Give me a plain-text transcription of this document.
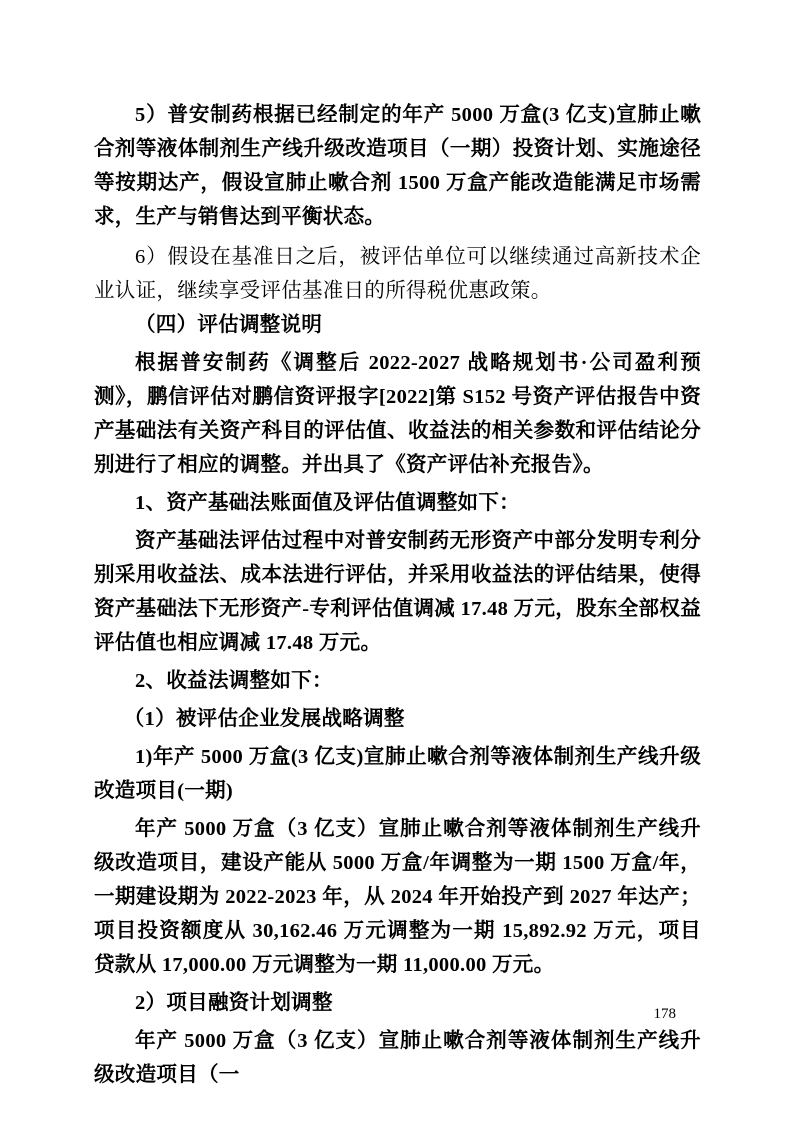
5）普安制药根据已经制定的年产 5000 万盒(3 亿支)宣肺止嗽合剂等液体制剂生产线升级改造项目（一期）投资计划、实施途径等按期达产，假设宣肺止嗽合剂 1500 万盒产能改造能满足市场需求，生产与销售达到平衡状态。

6）假设在基准日之后，被评估单位可以继续通过高新技术企业认证，继续享受评估基准日的所得税优惠政策。

（四）评估调整说明

根据普安制药《调整后 2022-2027 战略规划书·公司盈利预测》，鹏信评估对鹏信资评报字[2022]第 S152 号资产评估报告中资产基础法有关资产科目的评估值、收益法的相关参数和评估结论分别进行了相应的调整。并出具了《资产评估补充报告》。

1、资产基础法账面值及评估值调整如下：

资产基础法评估过程中对普安制药无形资产中部分发明专利分别采用收益法、成本法进行评估，并采用收益法的评估结果，使得资产基础法下无形资产-专利评估值调减 17.48 万元，股东全部权益评估值也相应调减 17.48 万元。

2、收益法调整如下：

（1）被评估企业发展战略调整

1)年产 5000 万盒(3 亿支)宣肺止嗽合剂等液体制剂生产线升级改造项目(一期)

年产 5000 万盒（3 亿支）宣肺止嗽合剂等液体制剂生产线升级改造项目，建设产能从 5000 万盒/年调整为一期 1500 万盒/年，一期建设期为 2022-2023 年，从 2024 年开始投产到 2027 年达产；项目投资额度从 30,162.46 万元调整为一期 15,892.92 万元，项目贷款从 17,000.00 万元调整为一期 11,000.00 万元。

2）项目融资计划调整

年产 5000 万盒（3 亿支）宣肺止嗽合剂等液体制剂生产线升级改造项目（一

178
